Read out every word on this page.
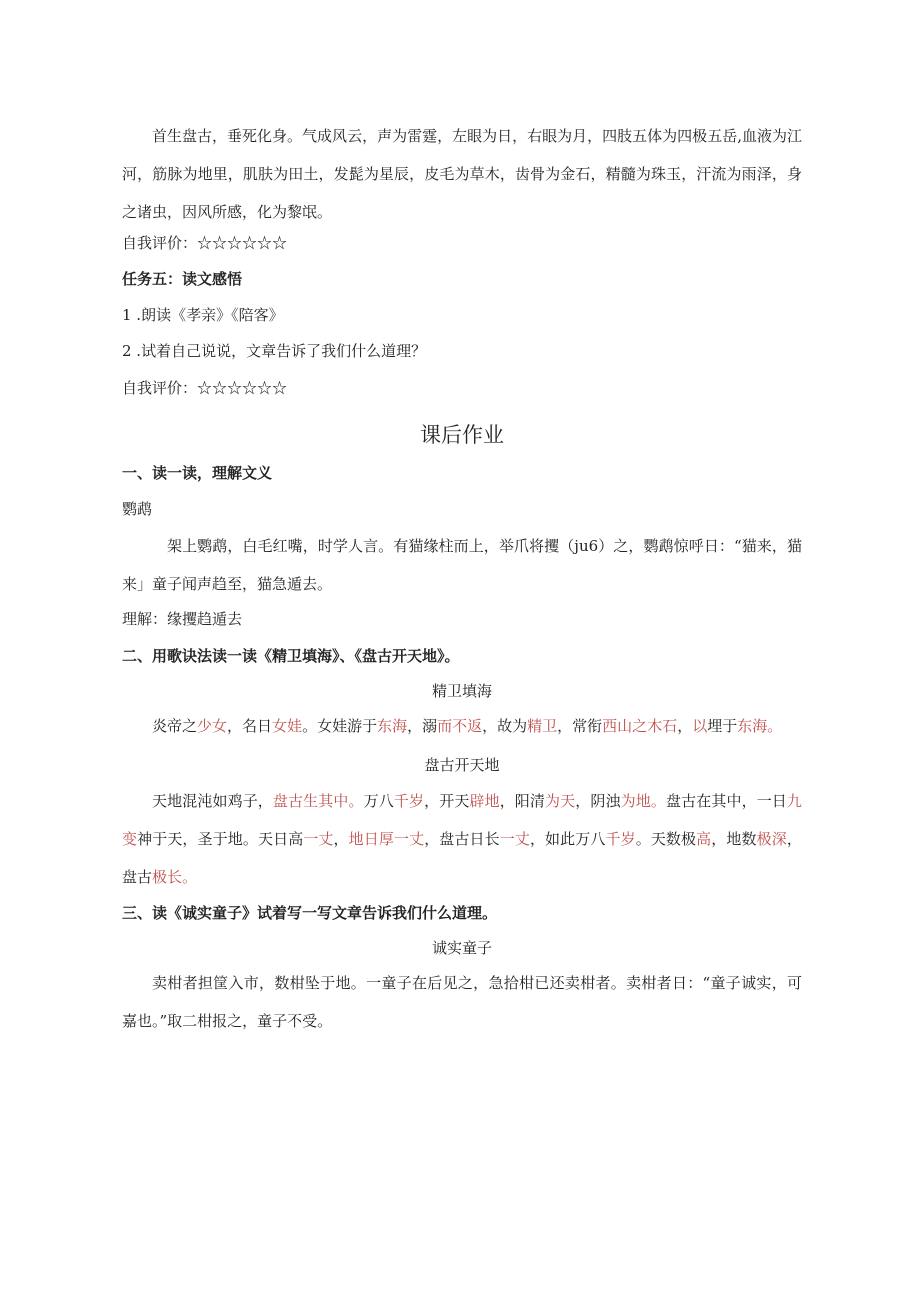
首生盘古，垂死化身。气成风云，声为雷霆，左眼为日，右眼为月，四肢五体为四极五岳,血液为江河，筋脉为地里，肌肤为田土，发髭为星辰，皮毛为草木，齿骨为金石，精髓为珠玉，汗流为雨泽，身之诸虫，因风所感，化为黎氓。

自我评价：☆☆☆☆☆☆

任务五：读文感悟

1 .朗读《孝亲》《陪客》

2 .试着自己说说，文章告诉了我们什么道理？

自我评价：☆☆☆☆☆☆

课后作业

一、读一读，理解文义

鹦鹉

架上鹦鹉，白毛红嘴，时学人言。有猫缘柱而上，举爪将攫（ju6）之，鹦鹉惊呼日：“猫来，猫来」童子闻声趋至，猫急遁去。

理解：缘攫趋遁去

二、用歌诀法读一读《精卫填海》、《盘古开天地》。

精卫填海

炎帝之少女，名日女娃。女娃游于东海，溺而不返，故为精卫，常衔西山之木石，以埋于东海。

盘古开天地

天地混沌如鸡子，盘古生其中。万八千岁，开天辟地，阳清为天，阴浊为地。盘古在其中，一日九变神于天，圣于地。天日高一丈，地日厚一丈，盘古日长一丈，如此万八千岁。天数极高，地数极深，盘古极长。

三、读《诚实童子》试着写一写文章告诉我们什么道理。

诚实童子

卖柑者担筐入市，数柑坠于地。一童子在后见之，急拾柑已还卖柑者。卖柑者日：“童子诚实，可嘉也。”取二柑报之，童子不受。
